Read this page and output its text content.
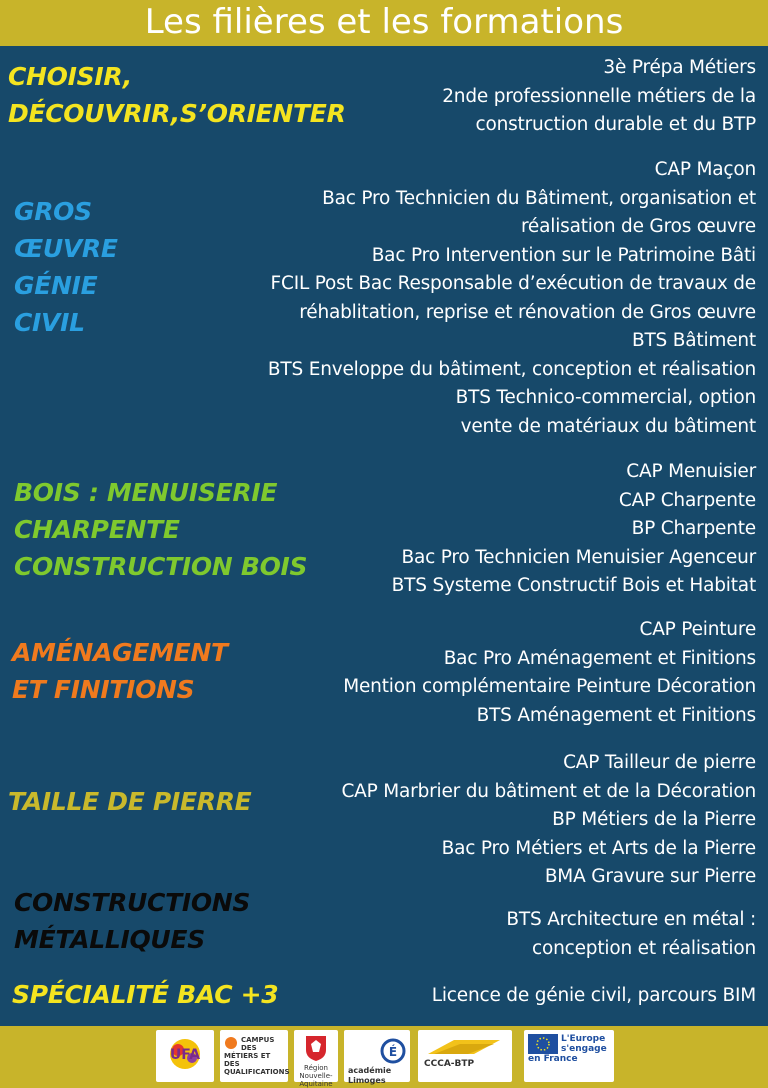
Les filières et les formations
CHOISIR,
DÉCOUVRIR,S’ORIENTER
3è Prépa Métiers
2nde professionnelle métiers de la
construction durable et du BTP
GROS
ŒUVRE
GÉNIE
CIVIL
CAP Maçon
Bac Pro Technicien du Bâtiment, organisation et
réalisation de Gros œuvre
Bac Pro Intervention sur le Patrimoine Bâti
FCIL Post Bac Responsable d’exécution de travaux de
réhablitation, reprise et rénovation de Gros œuvre
BTS Bâtiment
BTS Enveloppe du bâtiment, conception et réalisation
BTS Technico-commercial, option
vente de matériaux du bâtiment
BOIS : MENUISERIE
CHARPENTE
CONSTRUCTION BOIS
CAP Menuisier
CAP Charpente
BP Charpente
Bac Pro Technicien Menuisier Agenceur
BTS Systeme Constructif Bois et Habitat
AMÉNAGEMENT
ET FINITIONS
CAP Peinture
Bac Pro Aménagement et Finitions
Mention complémentaire Peinture Décoration
BTS Aménagement et Finitions
TAILLE DE PIERRE
CAP Tailleur de pierre
CAP Marbrier du bâtiment et de la Décoration
BP Métiers de la Pierre
Bac Pro Métiers et Arts de la Pierre
BMA Gravure sur Pierre
CONSTRUCTIONS
MÉTALLIQUES
BTS Architecture en métal :
conception et réalisation
SPÉCIALITÉ BAC +3	Licence de génie civil, parcours BIM
UFA
CAMPUS DES MÉTIERS ET DES QUALIFICATIONS	Région Nouvelle-Aquitaine
É
académie Limoges
CCCA-BTP
L'Europe s'engage en France
